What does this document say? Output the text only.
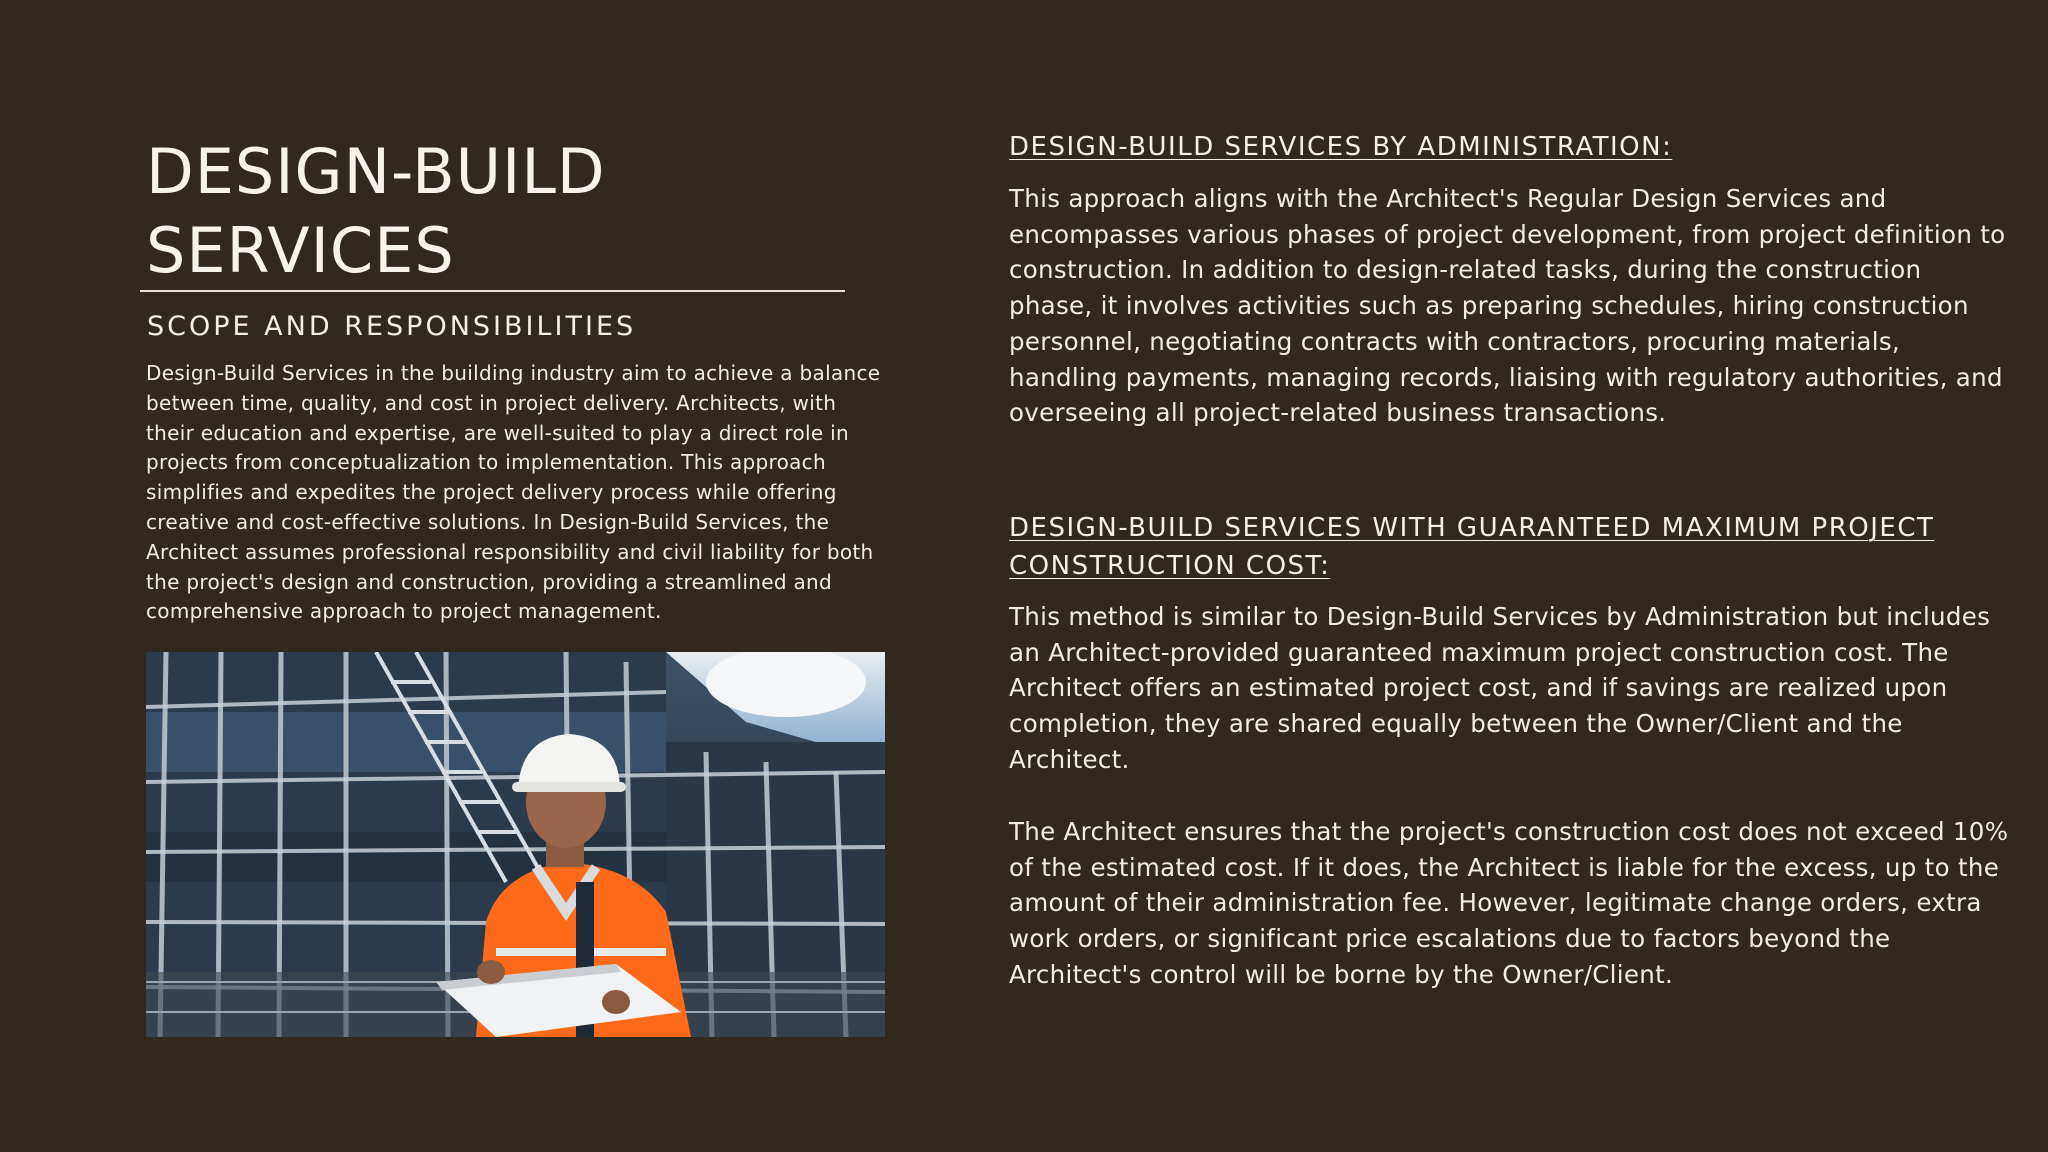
DESIGN-BUILD
SERVICES
SCOPE AND RESPONSIBILITIES

Design-Build Services in the building industry aim to achieve a balance between time, quality, and cost in project delivery. Architects, with their education and expertise, are well-suited to play a direct role in projects from conceptualization to implementation. This approach simplifies and expedites the project delivery process while offering creative and cost-effective solutions. In Design-Build Services, the Architect assumes professional responsibility and civil liability for both the project's design and construction, providing a streamlined and comprehensive approach to project management.

DESIGN-BUILD SERVICES BY ADMINISTRATION:

This approach aligns with the Architect's Regular Design Services and encompasses various phases of project development, from project definition to construction. In addition to design-related tasks, during the construction phase, it involves activities such as preparing schedules, hiring construction personnel, negotiating contracts with contractors, procuring materials, handling payments, managing records, liaising with regulatory authorities, and overseeing all project-related business transactions.

DESIGN-BUILD SERVICES WITH GUARANTEED MAXIMUM PROJECT CONSTRUCTION COST:

This method is similar to Design-Build Services by Administration but includes an Architect-provided guaranteed maximum project construction cost. The Architect offers an estimated project cost, and if savings are realized upon completion, they are shared equally between the Owner/Client and the Architect.

The Architect ensures that the project's construction cost does not exceed 10% of the estimated cost. If it does, the Architect is liable for the excess, up to the amount of their administration fee. However, legitimate change orders, extra work orders, or significant price escalations due to factors beyond the Architect's control will be borne by the Owner/Client.
